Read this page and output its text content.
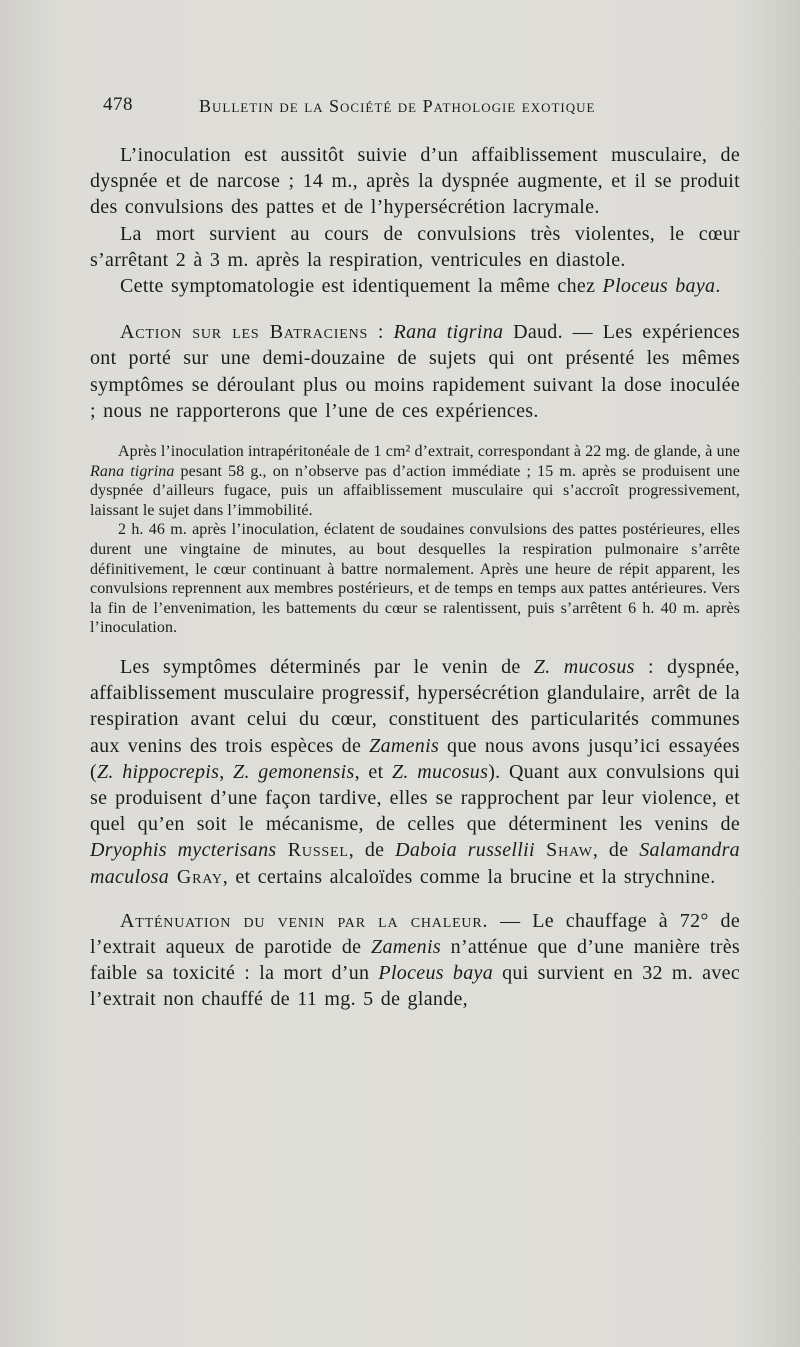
478	Bulletin de la Société de Pathologie exotique

L’inoculation est aussitôt suivie d’un affaiblissement musculaire, de dyspnée et de narcose ; 14 m., après la dyspnée augmente, et il se produit des convulsions des pattes et de l’hypersécrétion lacrymale.

La mort survient au cours de convulsions très violentes, le cœur s’arrêtant 2 à 3 m. après la respiration, ventricules en diastole.

Cette symptomatologie est identiquement la même chez Ploceus baya.

Action sur les Batraciens : Rana tigrina Daud. — Les expériences ont porté sur une demi-douzaine de sujets qui ont présenté les mêmes symptômes se déroulant plus ou moins rapidement suivant la dose inoculée ; nous ne rapporterons que l’une de ces expériences.

Après l’inoculation intrapéritonéale de 1 cm² d’extrait, correspondant à 22 mg. de glande, à une Rana tigrina pesant 58 g., on n’observe pas d’action immédiate ; 15 m. après se produisent une dyspnée d’ailleurs fugace, puis un affaiblissement musculaire qui s’accroît progressivement, laissant le sujet dans l’immobilité.

2 h. 46 m. après l’inoculation, éclatent de soudaines convulsions des pattes postérieures, elles durent une vingtaine de minutes, au bout desquelles la respiration pulmonaire s’arrête définitivement, le cœur continuant à battre normalement. Après une heure de répit apparent, les convulsions reprennent aux membres postérieurs, et de temps en temps aux pattes antérieures. Vers la fin de l’envenimation, les battements du cœur se ralentissent, puis s’arrêtent 6 h. 40 m. après l’inoculation.

Les symptômes déterminés par le venin de Z. mucosus : dyspnée, affaiblissement musculaire progressif, hypersécrétion glandulaire, arrêt de la respiration avant celui du cœur, constituent des particularités communes aux venins des trois espèces de Zamenis que nous avons jusqu’ici essayées (Z. hippocrepis, Z. gemonensis, et Z. mucosus). Quant aux convulsions qui se produisent d’une façon tardive, elles se rapprochent par leur violence, et quel qu’en soit le mécanisme, de celles que déterminent les venins de Dryophis mycterisans Russel, de Daboia russellii Shaw, de Salamandra maculosa Gray, et certains alcaloïdes comme la brucine et la strychnine.

Atténuation du venin par la chaleur. — Le chauffage à 72° de l’extrait aqueux de parotide de Zamenis n’atténue que d’une manière très faible sa toxicité : la mort d’un Ploceus baya qui survient en 32 m. avec l’extrait non chauffé de 11 mg. 5 de glande,
